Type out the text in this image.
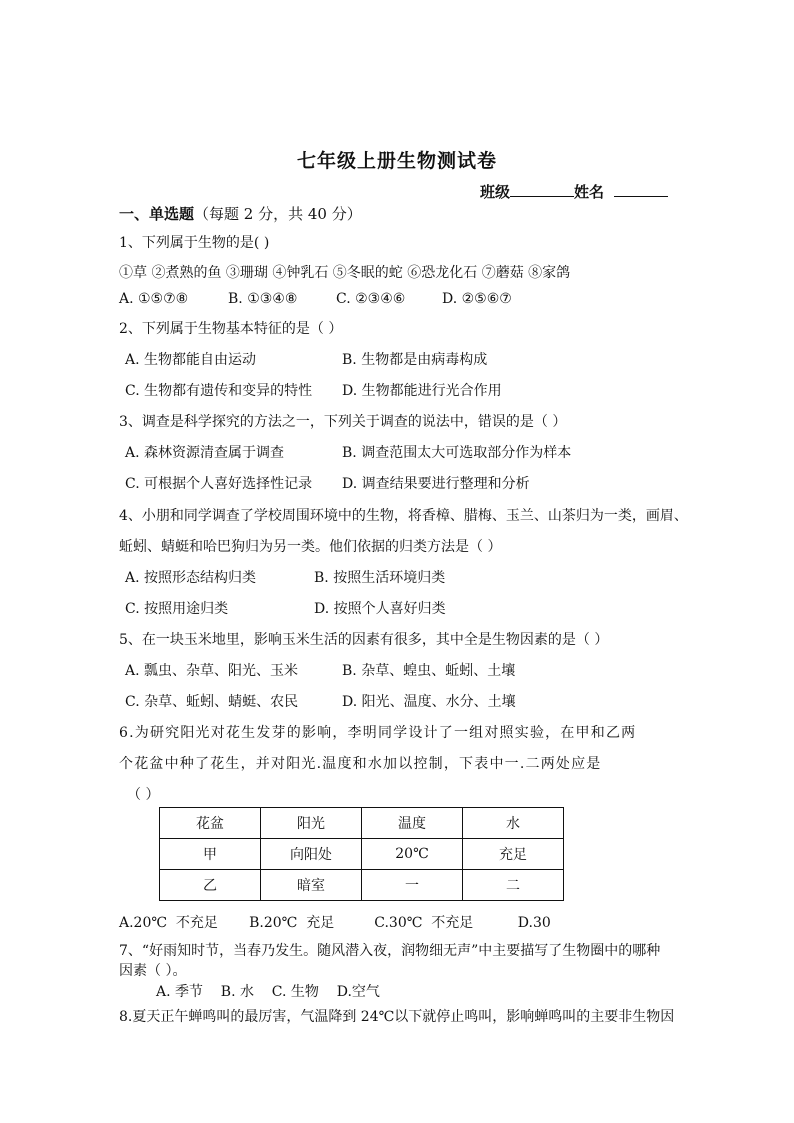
七年级上册生物测试卷
班级	姓名
一、单选题（每题 2 分，共 40 分）
1、下列属于生物的是( )
①草 ②煮熟的鱼 ③珊瑚 ④钟乳石 ⑤冬眠的蛇 ⑥恐龙化石 ⑦蘑菇 ⑧家鸽
A. ①⑤⑦⑧	B. ①③④⑧	C. ②③④⑥	D. ②⑤⑥⑦
2、下列属于生物基本特征的是（ ）
A. 生物都能自由运动	B. 生物都是由病毒构成
C. 生物都有遗传和变异的特性 D. 生物都能进行光合作用
3、调查是科学探究的方法之一，下列关于调查的说法中，错误的是（ ）
A. 森林资源清查属于调查	B. 调查范围太大可选取部分作为样本
C. 可根据个人喜好选择性记录 D. 调查结果要进行整理和分析
4、小朋和同学调查了学校周围环境中的生物，将香樟、腊梅、玉兰、山茶归为一类，画眉、
蚯蚓、蜻蜓和哈巴狗归为另一类。他们依据的归类方法是（ ）
A. 按照形态结构归类	B. 按照生活环境归类
C. 按照用途归类	D. 按照个人喜好归类
5、在一块玉米地里，影响玉米生活的因素有很多，其中全是生物因素的是（ ）
A. 瓢虫、杂草、阳光、玉米	B. 杂草、蝗虫、蚯蚓、土壤
C. 杂草、蚯蚓、蜻蜓、农民	D. 阳光、温度、水分、土壤
6.为研究阳光对花生发芽的影响，李明同学设计了一组对照实验，在甲和乙两
个花盆中种了花生，并对阳光.温度和水加以控制，下表中一.二两处应是
（ ）
花盆	阳光	温度	水
甲	向阳处	20℃	充足
乙	暗室	一	二
A.20℃  不充足       B.20℃  充足         C.30℃  不充足          D.30
7、“好雨知时节，当春乃发生。随风潜入夜，润物细无声”中主要描写了生物圈中的哪种
因素（ ）。
A. 季节    B. 水    C. 生物    D.空气
8.夏天正午蝉鸣叫的最厉害，气温降到 24℃以下就停止鸣叫，影响蝉鸣叫的主要非生物因
